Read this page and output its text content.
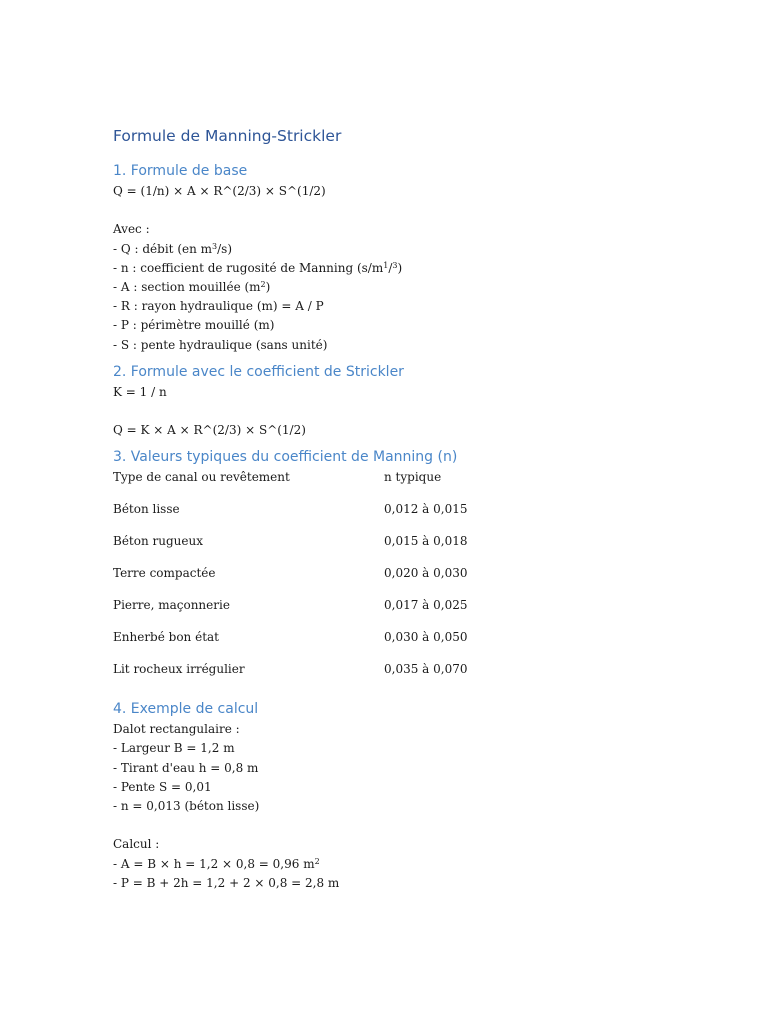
Formule de Manning-Strickler
1. Formule de base
Q = (1/n) × A × R^(2/3) × S^(1/2)
Avec :
- Q : débit (en $m^3/s$)
- n : coefficient de rugosité de Manning $(s/m^1/^3)$
- A : section mouillée $(m^2)$
- R : rayon hydraulique (m) = A / P
- P : périmètre mouillé (m)
- S : pente hydraulique (sans unité)
2. Formule avec le coefficient de Strickler
K = 1 / n
Q = K × A × R^(2/3) × S^(1/2)
3. Valeurs typiques du coefficient de Manning (n)
Type de canal ou revêtement	n typique
Béton lisse	0,012 à 0,015
Béton rugueux	0,015 à 0,018
Terre compactée	0,020 à 0,030
Pierre, maçonnerie	0,017 à 0,025
Enherbé bon état	0,030 à 0,050
Lit rocheux irrégulier	0,035 à 0,070
4. Exemple de calcul
Dalot rectangulaire :
- Largeur B = 1,2 m
- Tirant d'eau h = 0,8 m
- Pente S = 0,01
- n = 0,013 (béton lisse)
Calcul :
- A = B × h = 1,2 × 0,8 = 0,96 $m^2$
- P = B + 2h = 1,2 + 2 × 0,8 = 2,8 m
